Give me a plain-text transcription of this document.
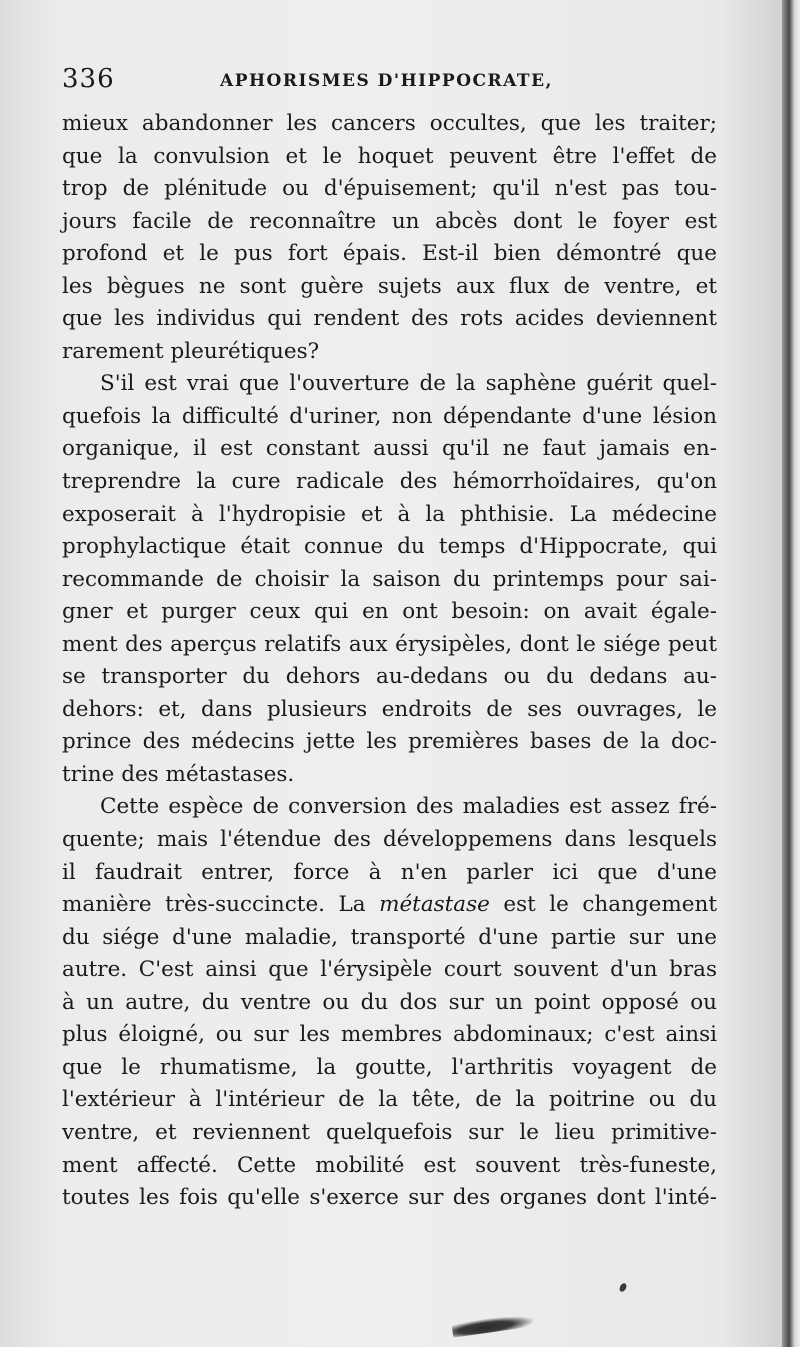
336	APHORISMES D'HIPPOCRATE,
mieux abandonner les cancers occultes, que les traiter;
que la convulsion et le hoquet peuvent être l'effet de
trop de plénitude ou d'épuisement; qu'il n'est pas tou-
jours facile de reconnaître un abcès dont le foyer est
profond et le pus fort épais. Est-il bien démontré que
les bègues ne sont guère sujets aux flux de ventre, et
que les individus qui rendent des rots acides deviennent
rarement pleurétiques?
S'il est vrai que l'ouverture de la saphène guérit quel-
quefois la difficulté d'uriner, non dépendante d'une lésion
organique, il est constant aussi qu'il ne faut jamais en-
treprendre la cure radicale des hémorrhoïdaires, qu'on
exposerait à l'hydropisie et à la phthisie. La médecine
prophylactique était connue du temps d'Hippocrate, qui
recommande de choisir la saison du printemps pour sai-
gner et purger ceux qui en ont besoin: on avait égale-
ment des aperçus relatifs aux érysipèles, dont le siége peut
se transporter du dehors au-dedans ou du dedans au-
dehors: et, dans plusieurs endroits de ses ouvrages, le
prince des médecins jette les premières bases de la doc-
trine des métastases.
Cette espèce de conversion des maladies est assez fré-
quente; mais l'étendue des développemens dans lesquels
il faudrait entrer, force à n'en parler ici que d'une
manière très-succincte. La métastase est le changement
du siége d'une maladie, transporté d'une partie sur une
autre. C'est ainsi que l'érysipèle court souvent d'un bras
à un autre, du ventre ou du dos sur un point opposé ou
plus éloigné, ou sur les membres abdominaux; c'est ainsi
que le rhumatisme, la goutte, l'arthritis voyagent de
l'extérieur à l'intérieur de la tête, de la poitrine ou du
ventre, et reviennent quelquefois sur le lieu primitive-
ment affecté. Cette mobilité est souvent très-funeste,
toutes les fois qu'elle s'exerce sur des organes dont l'inté-
